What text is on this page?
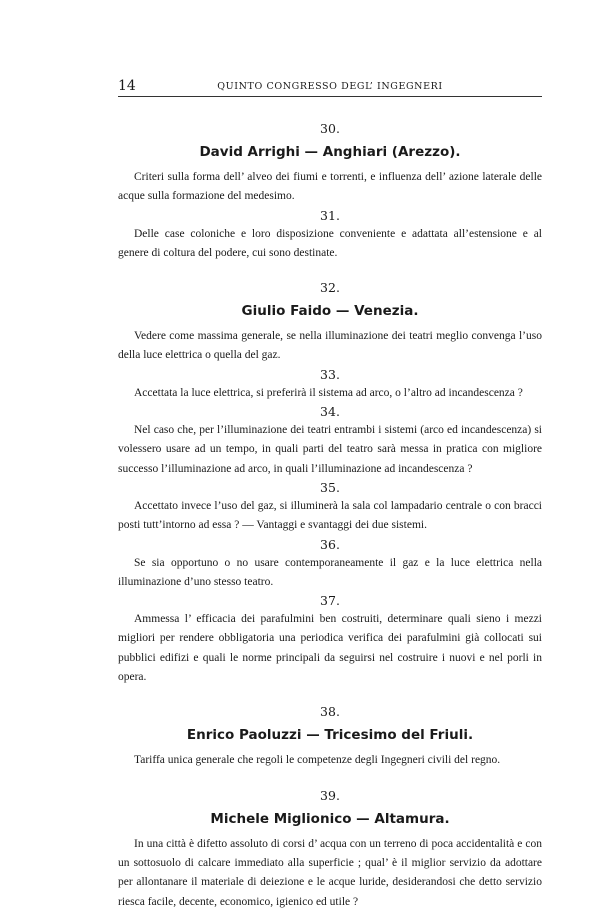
14	QUINTO CONGRESSO DEGL’ INGEGNERI
30.
David Arrighi — Anghiari (Arezzo).
Criteri sulla forma dell’ alveo dei fiumi e torrenti, e influenza dell’ azione laterale delle acque sulla formazione del medesimo.
31.
Delle case coloniche e loro disposizione conveniente e adattata all’estensione e al genere di coltura del podere, cui sono destinate.
32.
Giulio Faido — Venezia.
Vedere come massima generale, se nella illuminazione dei teatri meglio convenga l’uso della luce elettrica o quella del gaz.
33.
Accettata la luce elettrica, si preferirà il sistema ad arco, o l’altro ad incandescenza ?
34.
Nel caso che, per l’illuminazione dei teatri entrambi i sistemi (arco ed incandescenza) si volessero usare ad un tempo, in quali parti del teatro sarà messa in pratica con migliore successo l’illuminazione ad arco, in quali l’illuminazione ad incandescenza ?
35.
Accettato invece l’uso del gaz, si illuminerà la sala col lampadario centrale o con bracci posti tutt’intorno ad essa ? — Vantaggi e svantaggi dei due sistemi.
36.
Se sia opportuno o no usare contemporaneamente il gaz e la luce elettrica nella illuminazione d’uno stesso teatro.
37.
Ammessa l’ efficacia dei parafulmini ben costruiti, determinare quali sieno i mezzi migliori per rendere obbligatoria una periodica verifica dei parafulmini già collocati sui pubblici edifizi e quali le norme principali da seguirsi nel costruire i nuovi e nel porli in opera.
38.
Enrico Paoluzzi — Tricesimo del Friuli.
Tariffa unica generale che regoli le competenze degli Ingegneri civili del regno.
39.
Michele Miglionico — Altamura.
In una città è difetto assoluto di corsi d’ acqua con un terreno di poca accidentalità e con un sottosuolo di calcare immediato alla superficie ; qual’ è il miglior servizio da adottare per allontanare il materiale di deiezione e le acque luride, desiderandosi che detto servizio riesca facile, decente, economico, igienico ed utile ?
